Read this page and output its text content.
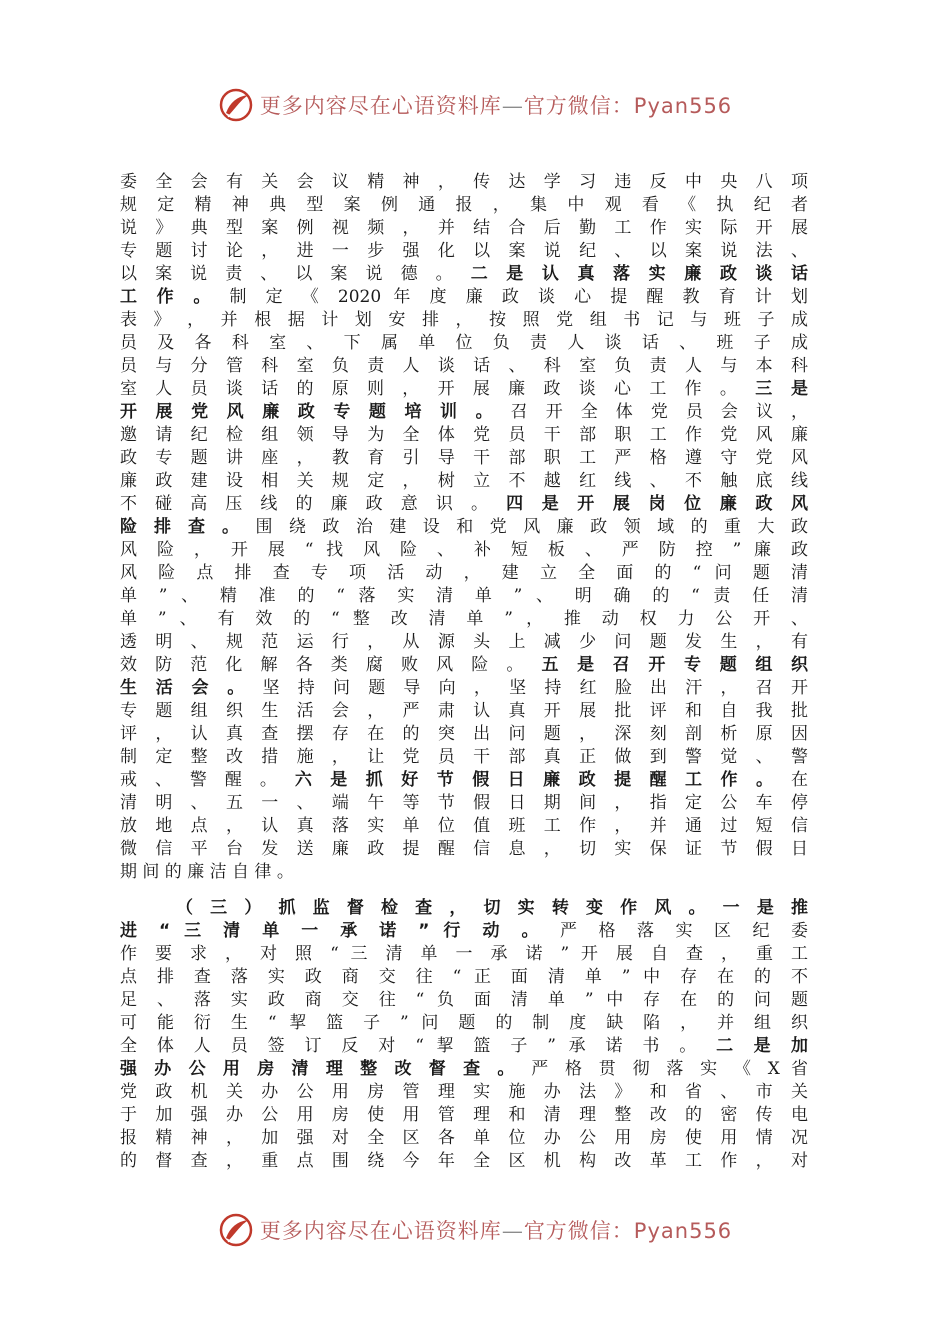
更多内容尽在心语资料库—官方微信：Pyan556
委 全 会 有 关 会 议 精 神 ， 传 达 学 习 违 反 中 央 八 项
规 定 精 神 典 型 案 例 通 报 ， 集 中 观 看 《 执 纪 者
说 》 典 型 案 例 视 频 ， 并 结 合 后 勤 工 作 实 际 开 展
专 题 讨 论 ， 进 一 步 强 化 以 案 说 纪 、 以 案 说 法 、
以 案 说 责 、 以 案 说 德 。 二 是 认 真 落 实 廉 政 谈 话
工 作 。 制 定 《 2020 年 度 廉 政 谈 心 提 醒 教 育 计 划
表 》 ， 并 根 据 计 划 安 排 ， 按 照 党 组 书 记 与 班 子 成
员 及 各 科 室 、 下 属 单 位 负 责 人 谈 话 、 班 子 成
员 与 分 管 科 室 负 责 人 谈 话 、 科 室 负 责 人 与 本 科
室 人 员 谈 话 的 原 则 ， 开 展 廉 政 谈 心 工 作 。 三 是
开 展 党 风 廉 政 专 题 培 训 。 召 开 全 体 党 员 会 议 ，
邀 请 纪 检 组 领 导 为 全 体 党 员 干 部 职 工 作 党 风 廉
政 专 题 讲 座 ， 教 育 引 导 干 部 职 工 严 格 遵 守 党 风
廉 政 建 设 相 关 规 定 ， 树 立 不 越 红 线 、 不 触 底 线
不 碰 高 压 线 的 廉 政 意 识 。 四 是 开 展 岗 位 廉 政 风
险 排 查 。 围 绕 政 治 建 设 和 党 风 廉 政 领 域 的 重 大 政
风 险 ， 开 展 “ 找 风 险 、 补 短 板 、 严 防 控 ” 廉 政
风 险 点 排 查 专 项 活 动 ， 建 立 全 面 的 “ 问 题 清
单 ” 、 精 准 的 “ 落 实 清 单 ” 、 明 确 的 “ 责 任 清
单 ” 、 有 效 的 “ 整 改 清 单 ” ， 推 动 权 力 公 开 、
透 明 、 规 范 运 行 ， 从 源 头 上 减 少 问 题 发 生 ， 有
效 防 范 化 解 各 类 腐 败 风 险 。 五 是 召 开 专 题 组 织
生 活 会 。 坚 持 问 题 导 向 ， 坚 持 红 脸 出 汗 ， 召 开
专 题 组 织 生 活 会 ， 严 肃 认 真 开 展 批 评 和 自 我 批
评 ， 认 真 查 摆 存 在 的 突 出 问 题 ， 深 刻 剖 析 原 因
制 定 整 改 措 施 ， 让 党 员 干 部 真 正 做 到 警 觉 、 警
戒 、 警 醒 。 六 是 抓 好 节 假 日 廉 政 提 醒 工 作 。 在
清 明 、 五 一 、 端 午 等 节 假 日 期 间 ， 指 定 公 车 停
放 地 点 ， 认 真 落 实 单 位 值 班 工 作 ， 并 通 过 短 信
微 信 平 台 发 送 廉 政 提 醒 信 息 ， 切 实 保 证 节 假 日
期 间 的 廉 洁 自 律 。
（ 三 ） 抓 监 督 检 查 ， 切 实 转 变 作 风 。 一 是 推
进 “ 三 清 单 一 承 诺 ” 行 动 。 严 格 落 实 区 纪 委
作 要 求 ， 对 照 “ 三 清 单 一 承 诺 ” 开 展 自 查 ， 重 工
点 排 查 落 实 政 商 交 往 “ 正 面 清 单 ” 中 存 在 的 不
足 、 落 实 政 商 交 往 “ 负 面 清 单 ” 中 存 在 的 问 题
可 能 衍 生 “ 挈 篮 子 ” 问 题 的 制 度 缺 陷 ， 并 组 织
全 体 人 员 签 订 反 对 “ 挈 篮 子 ” 承 诺 书 。 二 是 加
强 办 公 用 房 清 理 整 改 督 查 。 严 格 贯 彻 落 实 《 X 省
党 政 机 关 办 公 用 房 管 理 实 施 办 法 》 和 省 、 市 关
于 加 强 办 公 用 房 使 用 管 理 和 清 理 整 改 的 密 传 电
报 精 神 ， 加 强 对 全 区 各 单 位 办 公 用 房 使 用 情 况
的 督 查 ， 重 点 围 绕 今 年 全 区 机 构 改 革 工 作 ， 对
更多内容尽在心语资料库—官方微信：Pyan556
